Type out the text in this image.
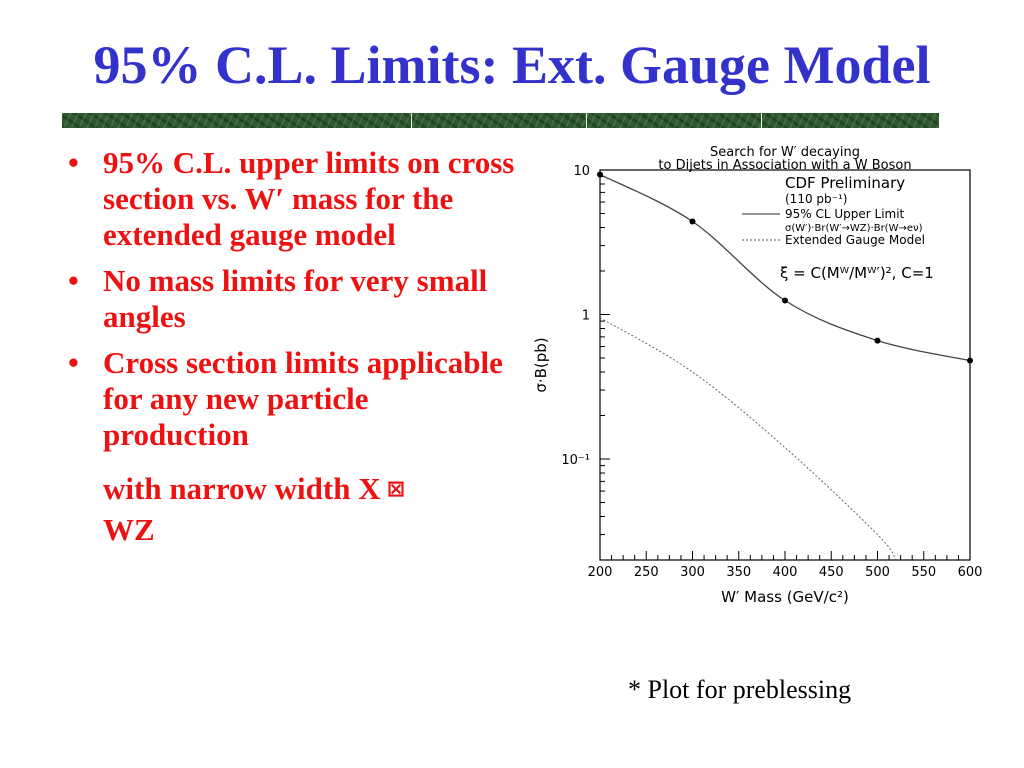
95% C.L. Limits: Ext. Gauge Model
• 95% C.L. upper limits on cross section vs. W′ mass for the extended gauge model
• No mass limits for very small angles
• Cross section limits applicable for any new particle production
with narrow width X ⊠
WZ
Search for W′ decaying
to Dijets in Association with a W Boson
200 250 300 350 400 450 500 550 600
10
1
10⁻¹
σ·B(pb)
W′ Mass (GeV/c²)
CDF Preliminary
(110 pb⁻¹)
95% CL Upper Limit
σ(W′)·Br(W′→WZ)·Br(W→eν)
Extended Gauge Model
ξ = C(Mᵂ/Mᵂ′)², C=1
* Plot for preblessing
